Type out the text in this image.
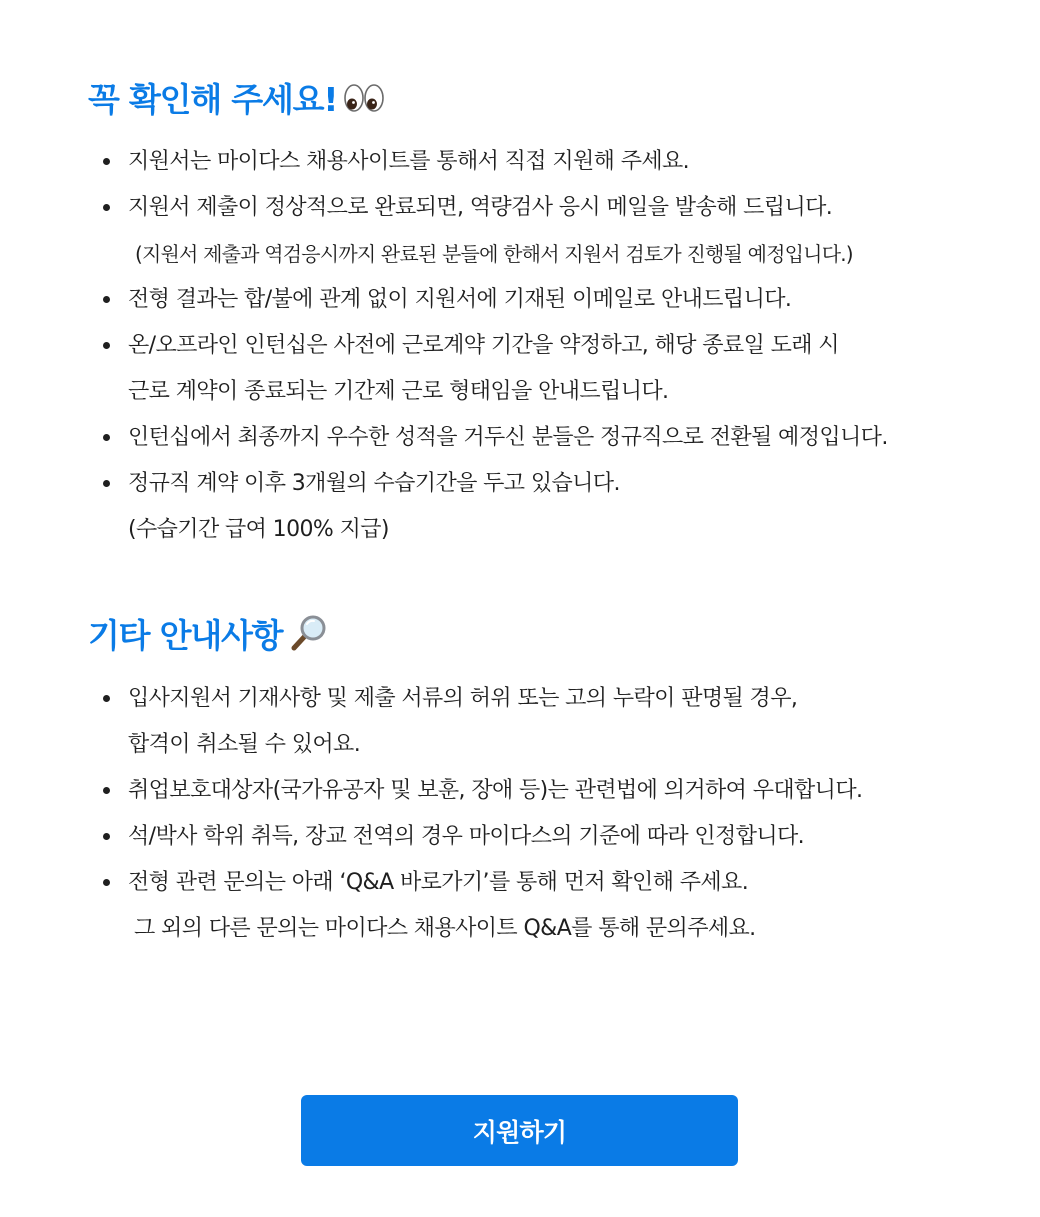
꼭 확인해 주세요!
지원서는 마이다스 채용사이트를 통해서 직접 지원해 주세요.
지원서 제출이 정상적으로 완료되면, 역량검사 응시 메일을 발송해 드립니다.
(지원서 제출과 역검응시까지 완료된 분들에 한해서 지원서 검토가 진행될 예정입니다.)
전형 결과는 합/불에 관계 없이 지원서에 기재된 이메일로 안내드립니다.
온/오프라인 인턴십은 사전에 근로계약 기간을 약정하고, 해당 종료일 도래 시
근로 계약이 종료되는 기간제 근로 형태임을 안내드립니다.
인턴십에서 최종까지 우수한 성적을 거두신 분들은 정규직으로 전환될 예정입니다.
정규직 계약 이후 3개월의 수습기간을 두고 있습니다.
(수습기간 급여 100% 지급)
기타 안내사항
입사지원서 기재사항 및 제출 서류의 허위 또는 고의 누락이 판명될 경우,
합격이 취소될 수 있어요.
취업보호대상자(국가유공자 및 보훈, 장애 등)는 관련법에 의거하여 우대합니다.
석/박사 학위 취득, 장교 전역의 경우 마이다스의 기준에 따라 인정합니다.
전형 관련 문의는 아래 ‘Q&A 바로가기’를 통해 먼저 확인해 주세요.
그 외의 다른 문의는 마이다스 채용사이트 Q&A를 통해 문의주세요.
지원하기
